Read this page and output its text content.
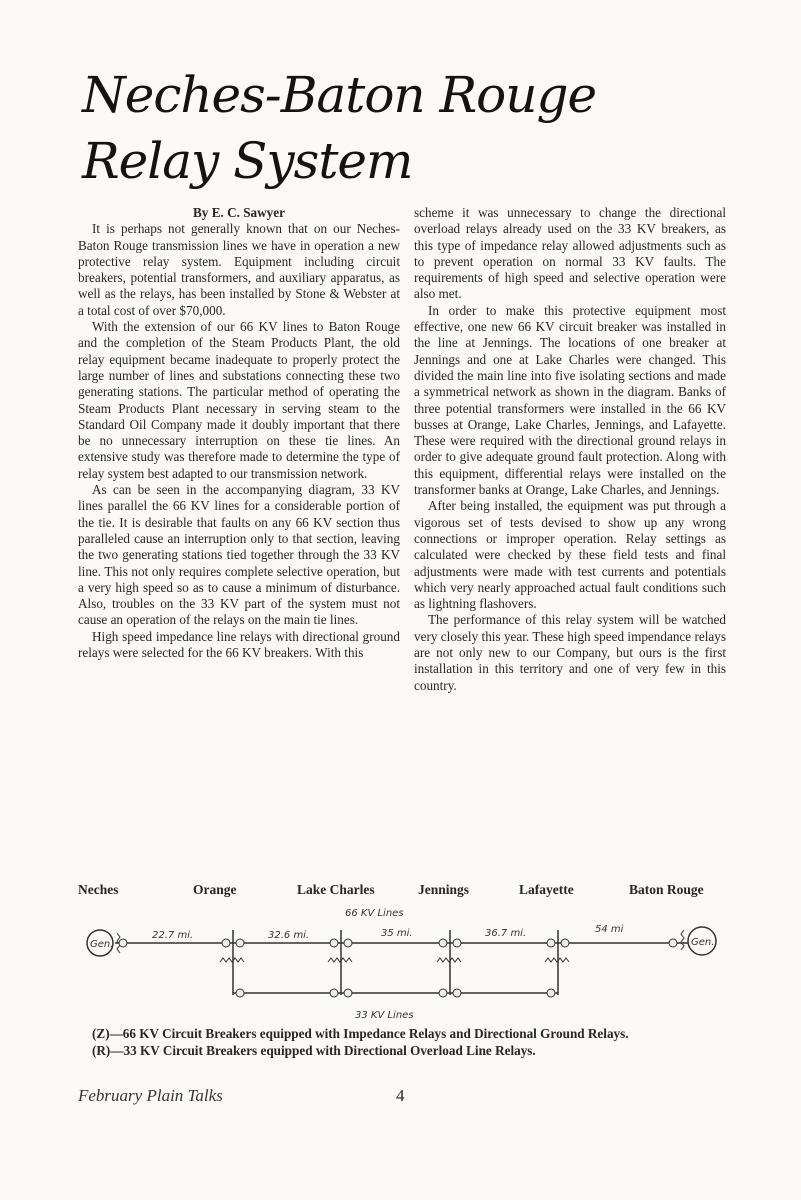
Neches-Baton Rouge
Relay System

By E. C. Sawyer

It is perhaps not generally known that on our Neches-Baton Rouge transmission lines we have in operation a new protective relay system. Equipment including circuit breakers, potential transformers, and auxiliary apparatus, as well as the relays, has been installed by Stone & Webster at a total cost of over $70,000.

With the extension of our 66 KV lines to Baton Rouge and the completion of the Steam Products Plant, the old relay equipment became inadequate to properly protect the large number of lines and substations connecting these two generating stations. The particular method of operating the Steam Products Plant necessary in serving steam to the Standard Oil Company made it doubly important that there be no unnecessary interruption on these tie lines. An extensive study was therefore made to determine the type of relay system best adapted to our transmission network.

As can be seen in the accompanying diagram, 33 KV lines parallel the 66 KV lines for a considerable portion of the tie. It is desirable that faults on any 66 KV section thus paralleled cause an interruption only to that section, leaving the two generating stations tied together through the 33 KV line. This not only requires complete selective operation, but a very high speed so as to cause a minimum of disturbance. Also, troubles on the 33 KV part of the system must not cause an operation of the relays on the main tie lines.

High speed impedance line relays with directional ground relays were selected for the 66 KV breakers. With this

scheme it was unnecessary to change the directional overload relays already used on the 33 KV breakers, as this type of impedance relay allowed adjustments such as to prevent operation on normal 33 KV faults. The requirements of high speed and selective operation were also met.

In order to make this protective equipment most effective, one new 66 KV circuit breaker was installed in the line at Jennings. The locations of one breaker at Jennings and one at Lake Charles were changed. This divided the main line into five isolating sections and made a symmetrical network as shown in the diagram. Banks of three potential transformers were installed in the 66 KV busses at Orange, Lake Charles, Jennings, and Lafayette. These were required with the directional ground relays in order to give adequate ground fault protection. Along with this equipment, differential relays were installed on the transformer banks at Orange, Lake Charles, and Jennings.

After being installed, the equipment was put through a vigorous set of tests devised to show up any wrong connections or improper operation. Relay settings as calculated were checked by these field tests and final adjustments were made with test currents and potentials which very nearly approached actual fault conditions such as lightning flashovers.

The performance of this relay system will be watched very closely this year. These high speed impendance relays are not only new to our Company, but ours is the first installation in this territory and one of very few in this country.

Neches	Orange	Lake Charles	Jennings	Lafayette	Baton Rouge
Gen.	Gen.
66 KV Lines
33 KV Lines
22.7 mi.	32.6 mi.	35 mi.	36.7 mi.	54 mi

(Z)—66 KV Circuit Breakers equipped with Impedance Relays and Directional Ground Relays.

(R)—33 KV Circuit Breakers equipped with Directional Overload Line Relays.

February Plain Talks	4
